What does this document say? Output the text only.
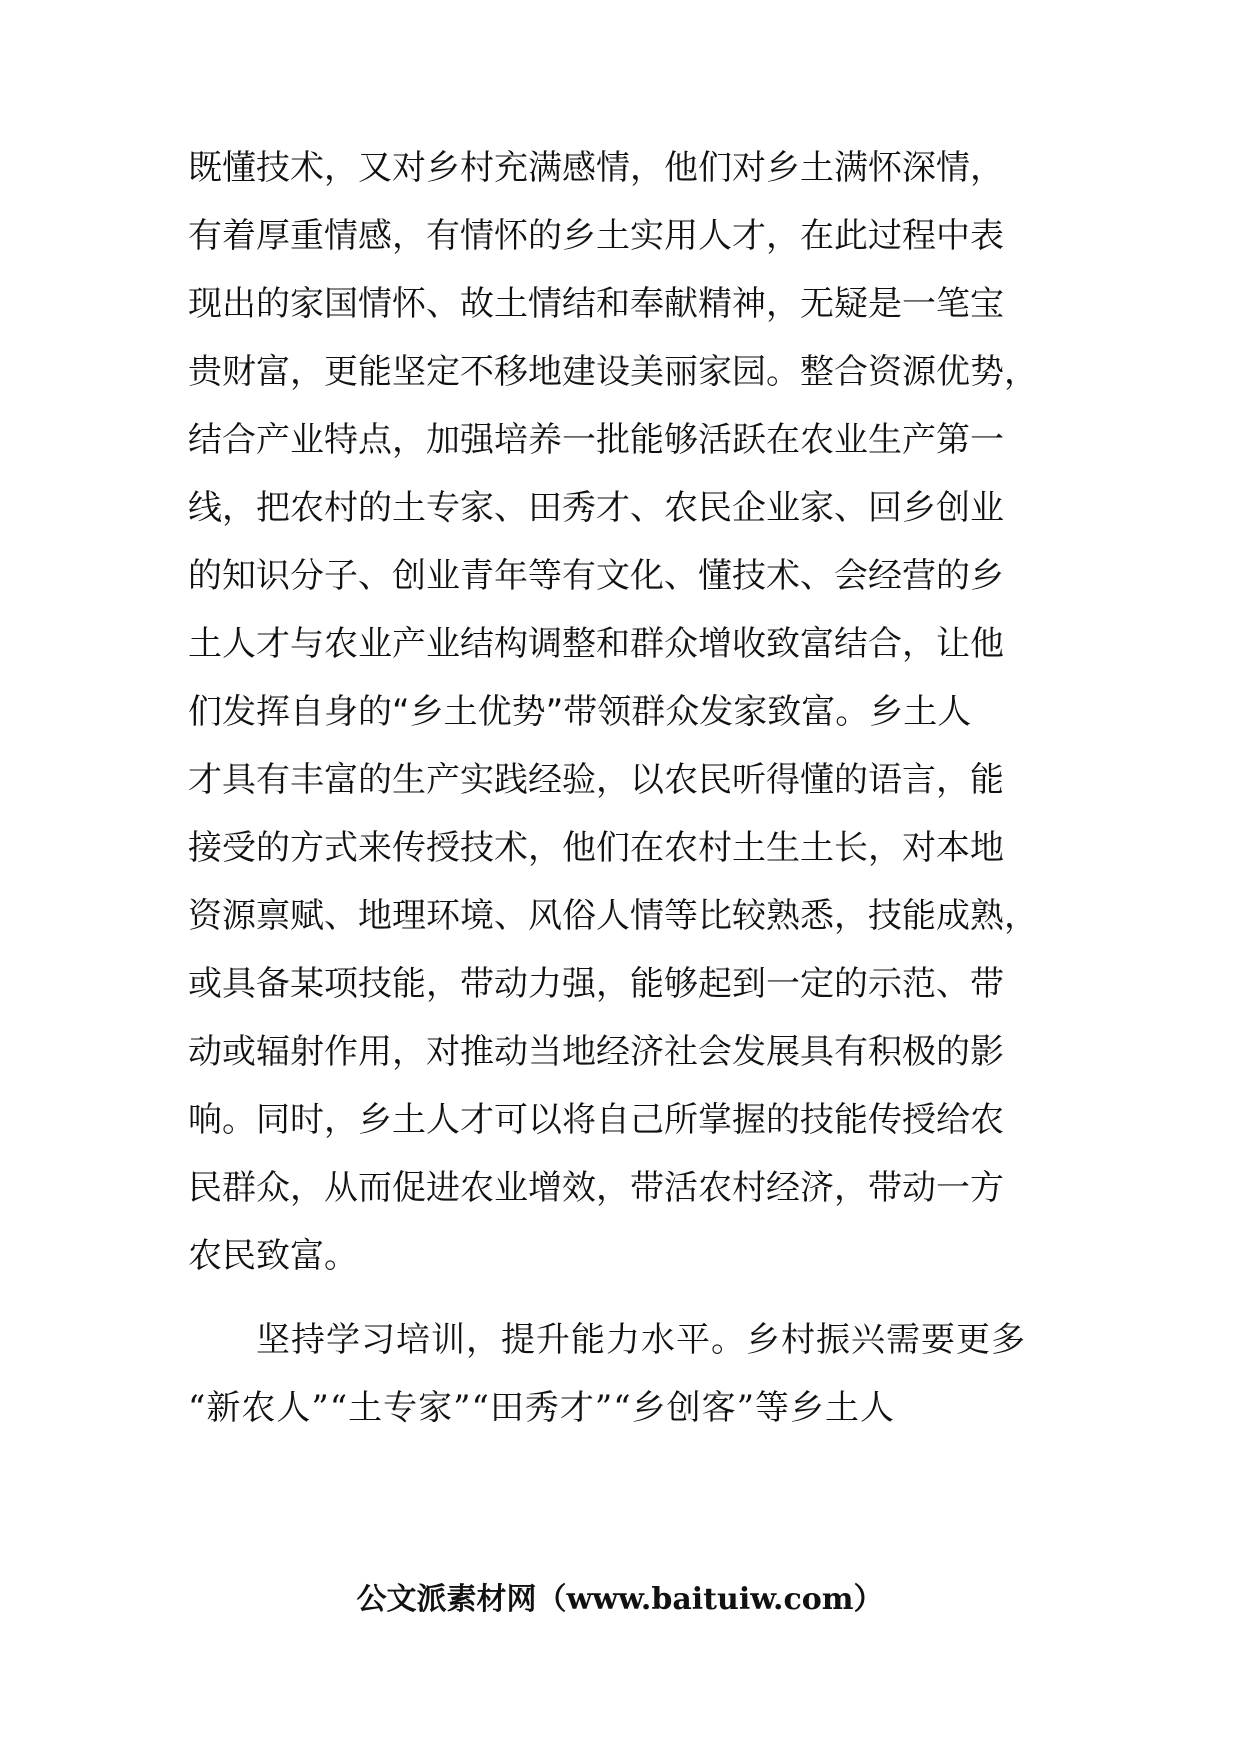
既懂技术，又对乡村充满感情，他们对乡土满怀深情，
有着厚重情感，有情怀的乡土实用人才，在此过程中表
现出的家国情怀、故土情结和奉献精神，无疑是一笔宝
贵财富，更能坚定不移地建设美丽家园。整合资源优势，
结合产业特点，加强培养一批能够活跃在农业生产第一
线，把农村的土专家、田秀才、农民企业家、回乡创业
的知识分子、创业青年等有文化、懂技术、会经营的乡
土人才与农业产业结构调整和群众增收致富结合，让他
们发挥自身的“乡土优势”带领群众发家致富。乡土人
才具有丰富的生产实践经验，以农民听得懂的语言，能
接受的方式来传授技术，他们在农村土生土长，对本地
资源禀赋、地理环境、风俗人情等比较熟悉，技能成熟，
或具备某项技能，带动力强，能够起到一定的示范、带
动或辐射作用，对推动当地经济社会发展具有积极的影
响。同时，乡土人才可以将自己所掌握的技能传授给农
民群众，从而促进农业增效，带活农村经济，带动一方
农民致富。
坚持学习培训，提升能力水平。乡村振兴需要更多
“新农人”“土专家”“田秀才”“乡创客”等乡土人
公文派素材网（www.baituiw.com）
